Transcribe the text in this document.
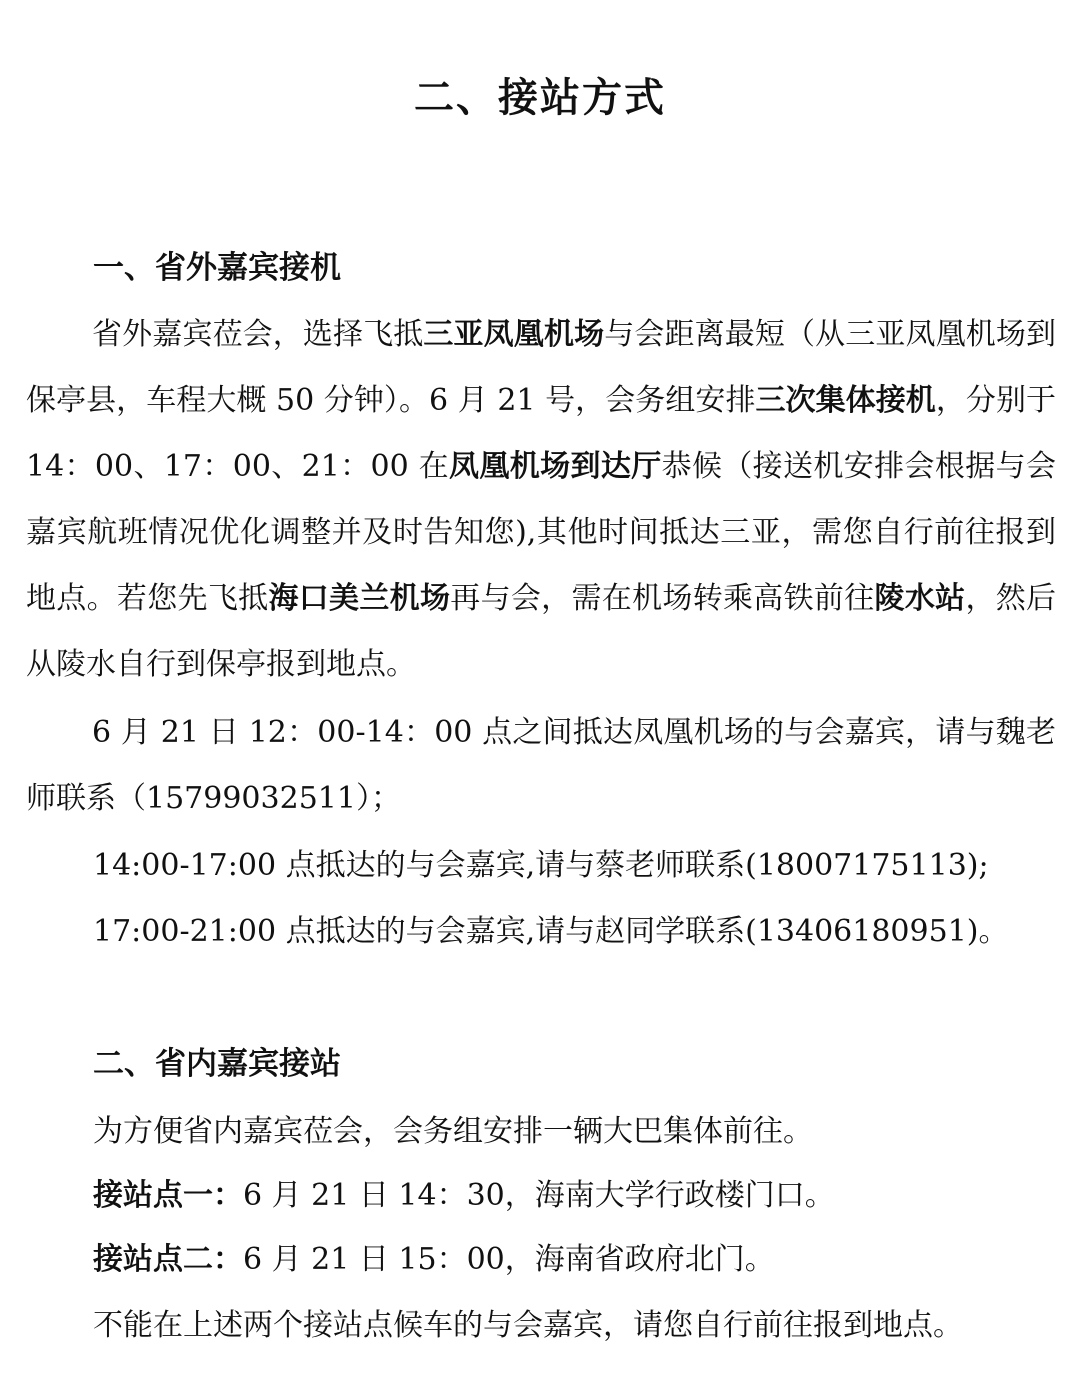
二、接站方式
一、省外嘉宾接机
省外嘉宾莅会，选择飞抵三亚凤凰机场与会距离最短（从三亚凤凰机场到保亭县，车程大概 50 分钟）。6 月 21 号，会务组安排三次集体接机，分别于 14：00、17：00、21：00 在凤凰机场到达厅恭候（接送机安排会根据与会嘉宾航班情况优化调整并及时告知您),其他时间抵达三亚，需您自行前往报到地点。若您先飞抵海口美兰机场再与会，需在机场转乘高铁前往陵水站，然后从陵水自行到保亭报到地点。
6 月 21 日 12：00-14：00 点之间抵达凤凰机场的与会嘉宾，请与魏老师联系（15799032511）；
14:00-17:00 点抵达的与会嘉宾,请与蔡老师联系(18007175113);
17:00-21:00 点抵达的与会嘉宾,请与赵同学联系(13406180951)。
二、省内嘉宾接站
为方便省内嘉宾莅会，会务组安排一辆大巴集体前往。
接站点一：6 月 21 日 14：30，海南大学行政楼门口。
接站点二：6 月 21 日 15：00，海南省政府北门。
不能在上述两个接站点候车的与会嘉宾，请您自行前往报到地点。
